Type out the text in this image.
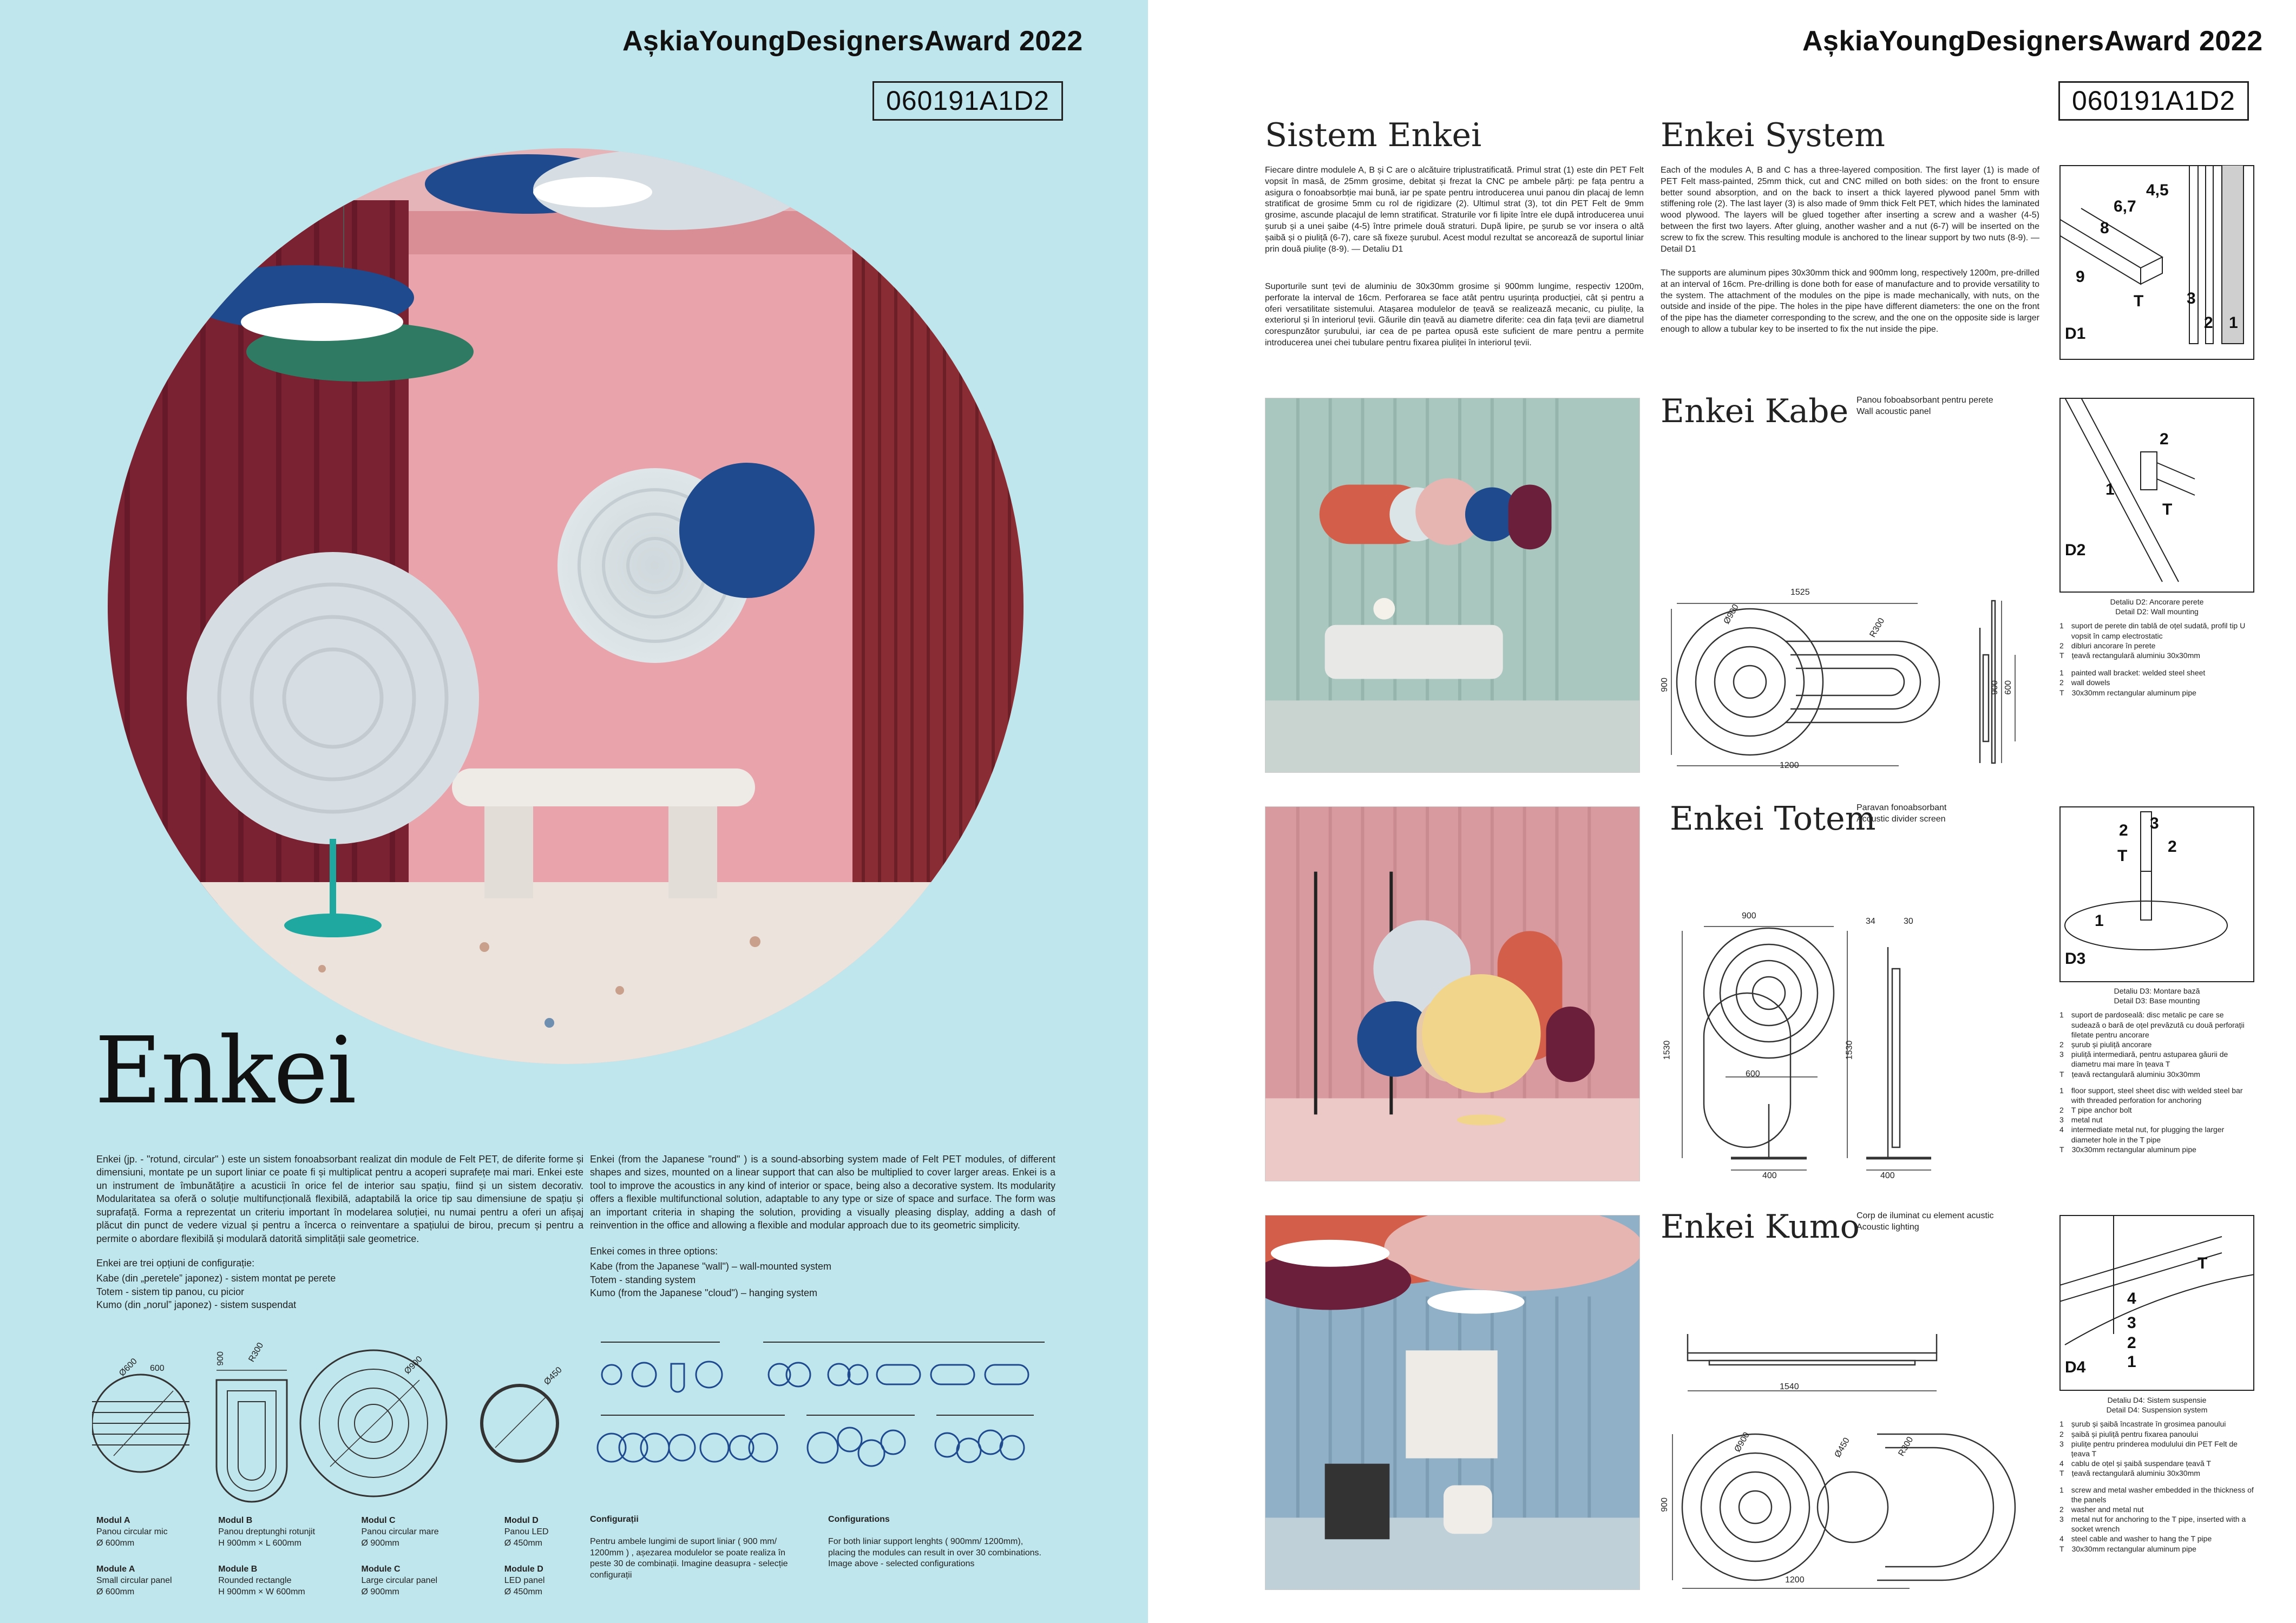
AșkiaYoungDesignersAward 2022
060191A1D2
Enkei
Enkei (jp. - "rotund, circular" ) este un sistem fonoabsorbant realizat din module de Felt PET, de diferite forme și dimensiuni, montate pe un suport liniar ce poate fi și multiplicat pentru a acoperi suprafețe mai mari. Enkei este un instrument de îmbunătățire a acusticii în orice fel de interior sau spațiu, fiind și un sistem decorativ. Modularitatea sa oferă o soluție multifuncțională flexibilă, adaptabilă la orice tip sau dimensiune de spațiu și suprafață. Forma a reprezentat un criteriu important în modelarea soluției, nu numai pentru a oferi un afișaj plăcut din punct de vedere vizual și pentru a încerca o reinventare a spațiului de birou, precum și pentru a permite o abordare flexibilă și modulară datorită simplității sale geometrice.
Enkei are trei opțiuni de configurație:
Kabe (din „peretele” japonez) - sistem montat pe perete
Totem - sistem tip panou, cu picior
Kumo (din „norul” japonez) - sistem suspendat
Enkei (from the Japanese "round" ) is a sound-absorbing system made of Felt PET modules, of different shapes and sizes, mounted on a linear support that can also be multiplied to cover larger areas. Enkei is a tool to improve the acoustics in any kind of interior or space, being also a decorative system. Its modularity offers a flexible multifunctional solution, adaptable to any type or size of space and surface. The form was an important criteria in shaping the solution, providing a visually pleasing display, adding a dash of reinvention in the office and allowing a flexible and modular approach due to its geometric simplicity.
Enkei comes in three options:
Kabe (from the Japanese "wall") – wall-mounted system
Totem - standing system
Kumo (from the Japanese "cloud") – hanging system
600
Ø600	900	R300
Ø900
Ø450
Modul A
Panou circular mic
Ø 600mm
Module A
Small circular panel
Ø 600mm
Modul B
Panou dreptunghi rotunjit
H 900mm × L 600mm
Module B
Rounded rectangle
H 900mm × W 600mm
Modul C
Panou circular mare
Ø 900mm
Module C
Large circular panel
Ø 900mm
Modul D
Panou LED
Ø 450mm
Module D
LED panel
Ø 450mm
Configurații
Pentru ambele lungimi de suport liniar ( 900 mm/ 1200mm ) , așezarea modulelor se poate realiza în peste 30 de combinații. Imagine deasupra - selecție configurații
Configurations
For both liniar support lenghts ( 900mm/ 1200mm), placing the modules can result in over 30 combinations. Image above - selected configurations
AșkiaYoungDesignersAward 2022
060191A1D2
Sistem Enkei	Enkei System
Fiecare dintre modulele A, B și C are o alcătuire triplustratificată. Primul strat (1) este din PET Felt vopsit în masă, de 25mm grosime, debitat și frezat la CNC pe ambele părți: pe fața pentru a asigura o fonoabsorbție mai bună, iar pe spate pentru introducerea unui panou din placaj de lemn stratificat de grosime 5mm cu rol de rigidizare (2). Ultimul strat (3), tot din PET Felt de 9mm grosime, ascunde placajul de lemn stratificat. Straturile vor fi lipite între ele după introducerea unui șurub și a unei șaibe (4-5) între primele două straturi. După lipire, pe șurub se vor insera o altă șaibă și o piuliță (6-7), care să fixeze șurubul. Acest modul rezultat se ancorează de suportul liniar prin două piulițe (8-9). — Detaliu D1
Suporturile sunt țevi de aluminiu de 30x30mm grosime și 900mm lungime, respectiv 1200m, perforate la interval de 16cm. Perforarea se face atât pentru ușurința producției, cât și pentru a oferi versatilitate sistemului. Atașarea modulelor de țeavă se realizează mecanic, cu piulițe, la exteriorul și în interiorul țevii. Găurile din țeavă au diametre diferite: cea din fața țevii are diametrul corespunzător șurubului, iar cea de pe partea opusă este suficient de mare pentru a permite introducerea unei chei tubulare pentru fixarea piuliței în interiorul țevii.
Each of the modules A, B and C has a three-layered composition. The first layer (1) is made of PET Felt mass-painted, 25mm thick, cut and CNC milled on both sides: on the front to ensure better sound absorption, and on the back to insert a thick layered plywood panel 5mm with stiffening role (2). The last layer (3) is also made of 9mm thick Felt PET, which hides the laminated wood plywood. The layers will be glued together after inserting a screw and a washer (4-5) between the first two layers. After gluing, another washer and a nut (6-7) will be inserted on the screw to fix the screw. This resulting module is anchored to the linear support by two nuts (8-9). — Detail D1
The supports are aluminum pipes 30x30mm thick and 900mm long, respectively 1200m, pre-drilled at an interval of 16cm. Pre-drilling is done both for ease of manufacture and to provide versatility to the system. The attachment of the modules on the pipe is made mechanically, with nuts, on the outside and inside of the pipe. The holes in the pipe have different diameters: the one on the front of the pipe has the diameter corresponding to the screw, and the one on the opposite side is larger enough to allow a tubular key to be inserted to fix the nut inside the pipe.	D1
4,5
6,7
8
9
T	3
2 1
Enkei Kabe Panou foboabsorbant pentru perete
Wall acoustic panel
1525
900
Ø900
R300
1200
900 600
D2
2
1
T
Detaliu D2: Ancorare perete
Detail D2: Wall mounting
1 suport de perete din tablă de oțel sudată, profil tip U vopsit în camp electrostatic
2 dibluri ancorare în perete
T țeavă rectangulară aluminiu 30x30mm
1 painted wall bracket: welded steel sheet
2 wall dowels
T 30x30mm rectangular aluminum pipe
Enkei Totem
Paravan fonoabsorbant
Acoustic divider screen
900
1530
600
400
34	30
1530
400
D3
2 3
2
T
1
Detaliu D3: Montare bază
Detail D3: Base mounting
1 suport de pardoseală: disc metalic pe care se sudează o bară de oțel prevăzută cu două perforații filetate pentru ancorare
2 șurub și piuliță ancorare
3 piuliță intermediară, pentru astuparea găurii de diametru mai mare în țeava T
T țeavă rectangulară aluminiu 30x30mm
1 floor support, steel sheet disc with welded steel bar with threaded perforation for anchoring
2 T pipe anchor bolt
3 metal nut
4 intermediate metal nut, for plugging the larger diameter hole in the T pipe
T 30x30mm rectangular aluminum pipe
Enkei Kumo
Corp de iluminat cu element acustic
Acoustic lighting
1540
900
Ø900	Ø450	R300
1200
D4
T
4
3
2
1
Detaliu D4: Sistem suspensie
Detail D4: Suspension system
1 șurub și șaibă încastrate în grosimea panoului
2 șaibă și piuliță pentru fixarea panoului
3 piulițe pentru prinderea modulului din PET Felt de țeava T
4 cablu de oțel și șaibă suspendare țeavă T
T țeavă rectangulară aluminiu 30x30mm
1 screw and metal washer embedded in the thickness of the panels
2 washer and metal nut
3 metal nut for anchoring to the T pipe, inserted with a socket wrench
4 steel cable and washer to hang the T pipe
T 30x30mm rectangular aluminum pipe
